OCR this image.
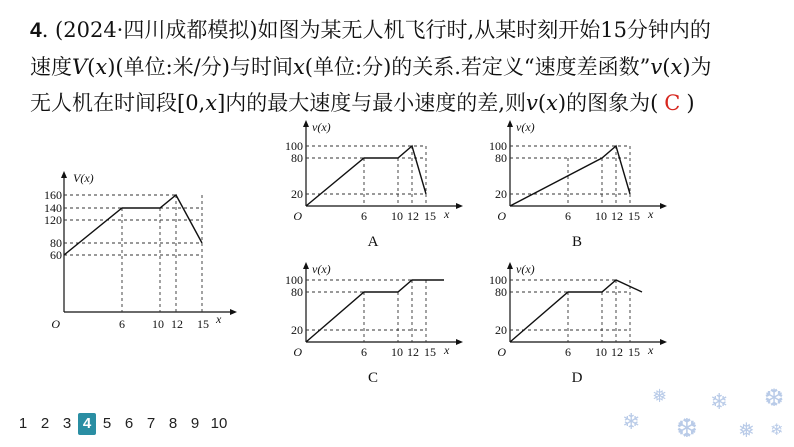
4. (2024·四川成都模拟)如图为某无人机飞行时,从某时刻开始15分钟内的
速度V(x)(单位:米/分)与时间x(单位:分)的关系.若定义“速度差函数”v(x)为
无人机在时间段[0,x]内的最大速度与最小速度的差,则v(x)的图象为( C )
V(x)
160
140
120
80
60
O	6 10 12 15 x
v(x)
100
80
20
O	6 10 12 15 x
A
v(x)
100
80
20
O	6 10 12 15 x
B
v(x)
100
80
20
O	6 10 12 15 x
C
v(x)
100
80
20
O	6 10 12 15 x
D
1 2 3 4 5 6 7 8 9 10	❄
❅
❆
❄
❅
❆
❄
